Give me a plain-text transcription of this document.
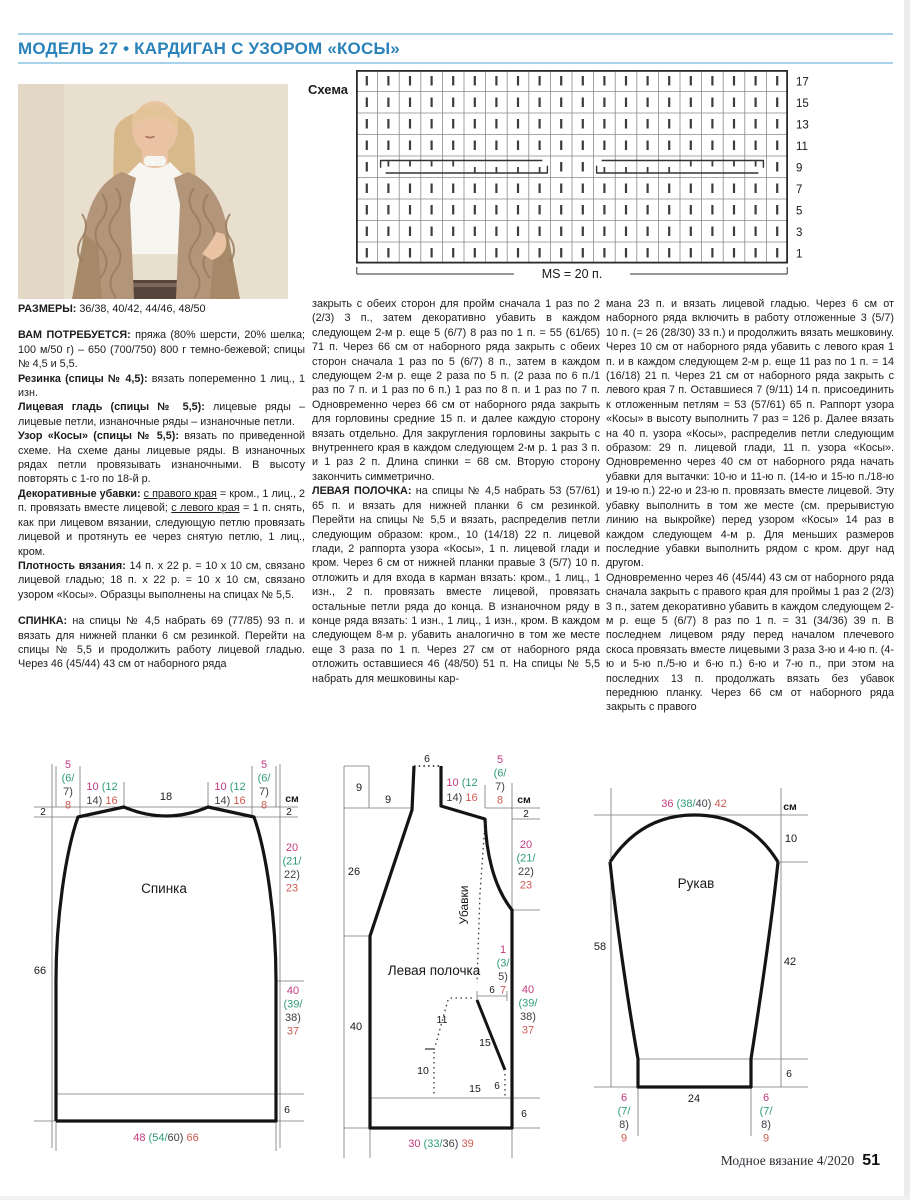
МОДЕЛЬ 27 • КАРДИГАН С УЗОРОМ «КОСЫ»
Схема	17
15
13
11
9
7
5
3
1
MS = 20 п.

РАЗМЕРЫ: 36/38, 40/42, 44/46, 48/50

ВАМ ПОТРЕБУЕТСЯ: пряжа (80% шерсти, 20% шелка; 100 м/50 г) – 650 (700/750) 800 г темно-бежевой; спицы № 4,5 и 5,5.

Резинка (спицы № 4,5): вязать попеременно 1 лиц., 1 изн.

Лицевая гладь (спицы № 5,5): лицевые ряды – лицевые петли, изнаночные ряды – изнаночные петли.

Узор «Косы» (спицы № 5,5): вязать по приведенной схеме. На схеме даны лицевые ряды. В изнаночных рядах петли провязывать изнаночными. В высоту повторять с 1-го по 18-й р.

Декоративные убавки: с правого края = кром., 1 лиц., 2 п. провязать вместе лицевой; с левого края = 1 п. снять, как при лицевом вязании, следующую петлю провязать лицевой и протянуть ее через снятую петлю, 1 лиц., кром.

Плотность вязания: 14 п. х 22 р. = 10 х 10 см, связано лицевой гладью; 18 п. х 22 р. = 10 х 10 см, связано узором «Косы». Образцы выполнены на спицах № 5,5.

СПИНКА: на спицы № 4,5 набрать 69 (77/85) 93 п. и вязать для нижней планки 6 см резинкой. Перейти на спицы № 5,5 и продолжить работу лицевой гладью. Через 46 (45/44) 43 см от наборного ряда

закрыть с обеих сторон для пройм сначала 1 раз по 2 (2/3) 3 п., затем декоративно убавить в каждом следующем 2-м р. еще 5 (6/7) 8 раз по 1 п. = 55 (61/65) 71 п. Через 66 см от наборного ряда закрыть с обеих сторон сначала 1 раз по 5 (6/7) 8 п., затем в каждом следующем 2-м р. еще 2 раза по 5 п. (2 раза по 6 п./1 раз по 7 п. и 1 раз по 6 п.) 1 раз по 8 п. и 1 раз по 7 п. Одновременно через 66 см от наборного ряда закрыть для горловины средние 15 п. и далее каждую сторону вязать отдельно. Для закругления горловины закрыть с внутреннего края в каждом следующем 2-м р. 1 раз 3 п. и 1 раз 2 п. Длина спинки = 68 см. Вторую сторону закончить симметрично.

ЛЕВАЯ ПОЛОЧКА: на спицы № 4,5 набрать 53 (57/61) 65 п. и вязать для нижней планки 6 см резинкой. Перейти на спицы № 5,5 и вязать, распределив петли следующим образом: кром., 10 (14/18) 22 п. лицевой глади, 2 раппорта узора «Косы», 1 п. лицевой глади и кром. Через 6 см от нижней планки правые 3 (5/7) 10 п. отложить и для входа в карман вязать: кром., 1 лиц., 1 изн., 2 п. провязать вместе лицевой, провязать остальные петли ряда до конца. В изнаночном ряду в конце ряда вязать: 1 изн., 1 лиц., 1 изн., кром. В каждом следующем 8-м р. убавить аналогично в том же месте еще 3 раза по 1 п. Через 27 см от наборного ряда отложить оставшиеся 46 (48/50) 51 п. На спицы № 5,5 набрать для мешковины кар-

мана 23 п. и вязать лицевой гладью. Через 6 см от наборного ряда включить в работу отложенные 3 (5/7) 10 п. (= 26 (28/30) 33 п.) и продолжить вязать мешковину. Через 10 см от наборного ряда убавить с левого края 1 п. и в каждом следующем 2-м р. еще 11 раз по 1 п. = 14 (16/18) 21 п. Через 21 см от наборного ряда закрыть с левого края 7 п. Оставшиеся 7 (9/11) 14 п. присоединить к отложенным петлям = 53 (57/61) 65 п. Раппорт узора «Косы» в высоту выполнить 7 раз = 126 р. Далее вязать на 40 п. узора «Косы», распределив петли следующим образом: 29 п. лицевой глади, 11 п. узора «Косы». Одновременно через 40 см от наборного ряда начать убавки для вытачки: 10-ю и 11-ю п. (14-ю и 15-ю п./18-ю и 19-ю п.) 22-ю и 23-ю п. провязать вместе лицевой. Эту убавку выполнить в том же месте (см. прерывистую линию на выкройке) перед узором «Косы» 14 раз в каждом следующем 4-м р. Для меньших размеров последние убавки выполнить рядом с кром. друг над другом.

Одновременно через 46 (45/44) 43 см от наборного ряда сначала закрыть с правого края для проймы 1 раз 2 (2/3) 3 п., затем декоративно убавить в каждом следующем 2-м р. еще 5 (6/7) 8 раз по 1 п. = 31 (34/36) 39 п. В последнем лицевом ряду перед началом плечевого скоса провязать вместе лицевыми 3 раза 3-ю и 4-ю п. (4-ю и 5-ю п./5-ю и 6-ю п.) 6-ю и 7-ю п., при этом на последних 13 п. продолжать вязать без убавок переднюю планку. Через 66 см от наборного ряда закрыть с правого

5
(6/
7)
8
5
(6/
7)
8
10 (12
14) 16
10 (12
14) 16
18
2	2
см
20
(21/
22)
23
66
40
(39/
38)
37
6
48 (54/60) 66
Спинка
6
9
9
26
40
10 (12
14) 16
5
(6/
7)
8 см
2
20
(21/
22)
23
Убавки
1
(3/
5)
7
6
15
11
10
15 6
40
(39/
38)
37
6
30 (33/36) 39
Левая полочка
36 (38/40) 42	см
10
58
42
Рукав
6
24
6
(7/
8)
9
6
(7/
8)
9
Модное вязание 4/2020 51
